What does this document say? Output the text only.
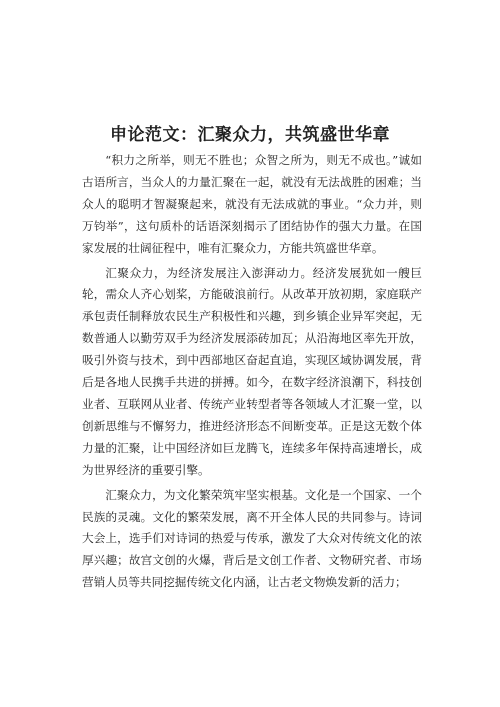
申论范文：汇聚众力，共筑盛世华章

“积力之所举，则无不胜也；众智之所为，则无不成也。”诚如古语所言，当众人的力量汇聚在一起，就没有无法战胜的困难；当众人的聪明才智凝聚起来，就没有无法成就的事业。“众力并，则万钧举”，这句质朴的话语深刻揭示了团结协作的强大力量。在国家发展的壮阔征程中，唯有汇聚众力，方能共筑盛世华章。

汇聚众力，为经济发展注入澎湃动力。经济发展犹如一艘巨轮，需众人齐心划桨，方能破浪前行。从改革开放初期，家庭联产承包责任制释放农民生产积极性和兴趣，到乡镇企业异军突起，无数普通人以勤劳双手为经济发展添砖加瓦；从沿海地区率先开放，吸引外资与技术，到中西部地区奋起直追，实现区域协调发展，背后是各地人民携手共进的拼搏。如今，在数字经济浪潮下，科技创业者、互联网从业者、传统产业转型者等各领域人才汇聚一堂，以创新思维与不懈努力，推进经济形态不间断变革。正是这无数个体力量的汇聚，让中国经济如巨龙腾飞，连续多年保持高速增长，成为世界经济的重要引擎。

汇聚众力，为文化繁荣筑牢坚实根基。文化是一个国家、一个民族的灵魂。文化的繁荣发展，离不开全体人民的共同参与。诗词大会上，选手们对诗词的热爱与传承，激发了大众对传统文化的浓厚兴趣；故宫文创的火爆，背后是文创工作者、文物研究者、市场营销人员等共同挖掘传统文化内涵，让古老文物焕发新的活力；
